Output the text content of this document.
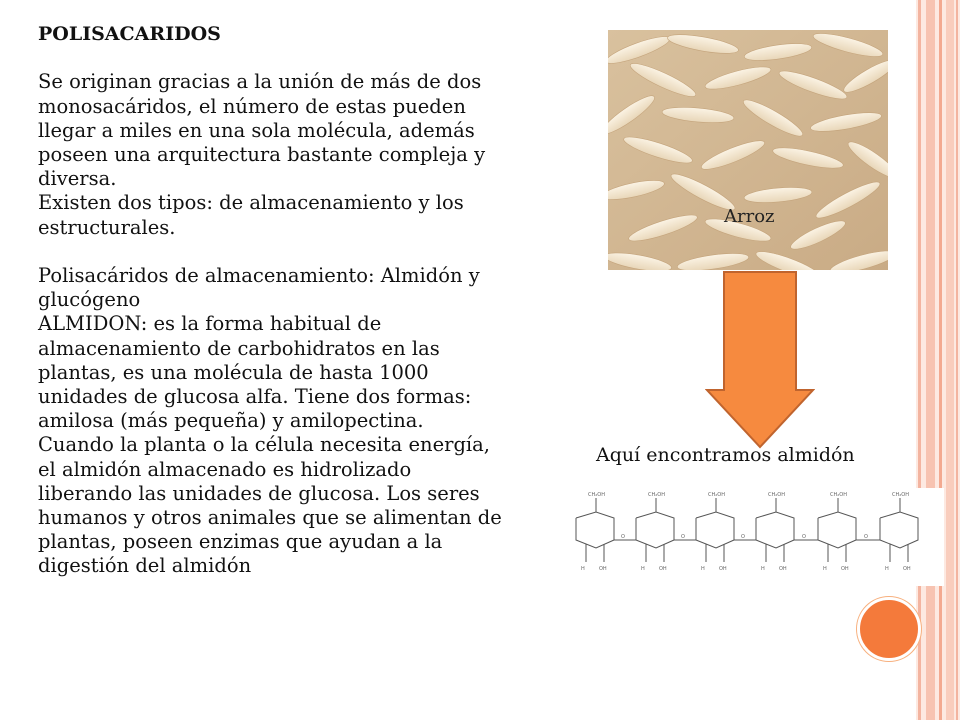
POLISACARIDOS

Se originan gracias a la unión de más de dos
monosacáridos, el número de estas pueden
llegar a miles en una sola molécula, además
poseen una arquitectura bastante compleja y
diversa.
Existen dos tipos: de almacenamiento y los
estructurales.

Polisacáridos de almacenamiento: Almidón y
glucógeno
ALMIDON: es la forma habitual de
almacenamiento de carbohidratos en las
plantas, es una molécula de hasta 1000
unidades de glucosa alfa. Tiene dos formas:
amilosa (más pequeña) y amilopectina.
Cuando la planta o la célula necesita energía,
el almidón almacenado es hidrolizado
liberando las unidades de glucosa. Los seres
humanos y otros animales que se alimentan de
plantas, poseen enzimas que ayudan a la
digestión del almidón

Arroz
Aquí encontramos almidón
CH₂OH	CH₂OH	CH₂OH	CH₂OH	CH₂OH	CH₂OH
O	O	O	O	O
H	OH	H	OH	H	OH	H	OH	H	OH	H	OH
